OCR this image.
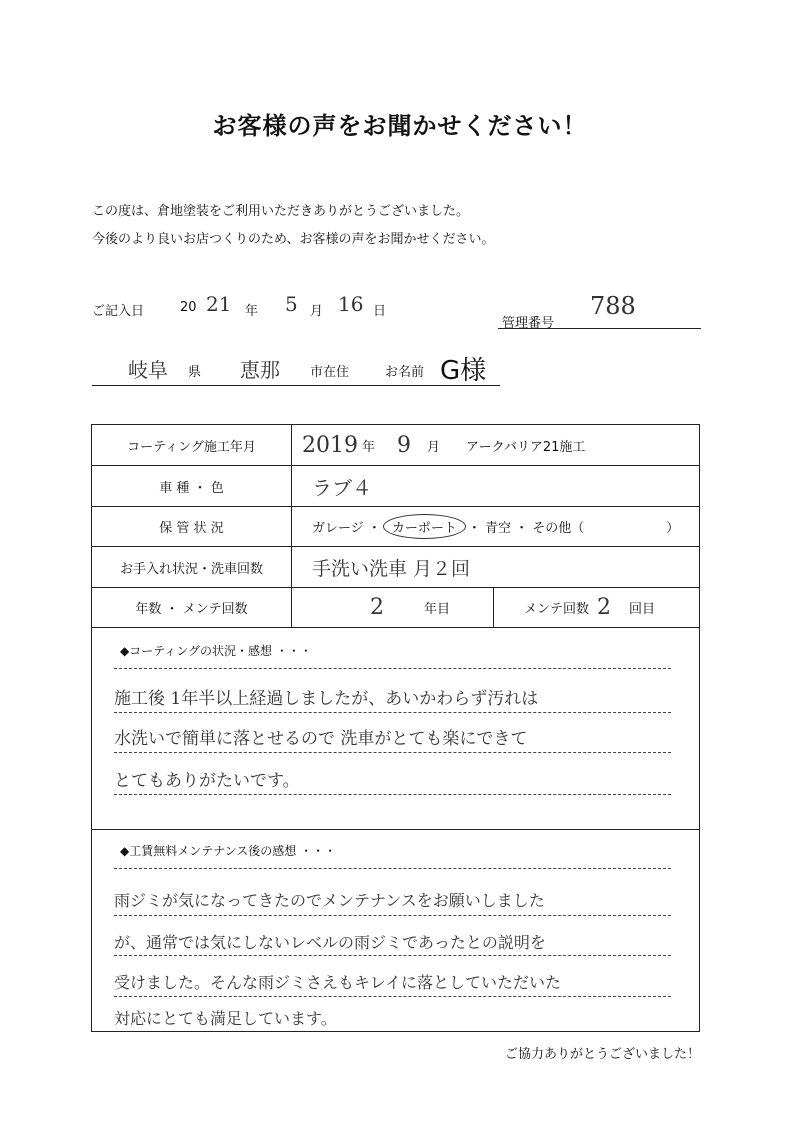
お客様の声をお聞かせください！
この度は、倉地塗装をご利用いただきありがとうございました。
今後のより良いお店つくりのため、お客様の声をお聞かせください。
ご記入日	20 21 年 5 月 16 日
管理番号
788
岐阜 県 恵那 市在住	お名前 G様
コーティング施工年月	2019 年 9 月 アークバリア21施工
車 種 ・ 色	ラブ４
保 管 状 況	ガレージ ・ カーポート ・ 青空 ・ その他（	）
お手入れ状況・洗車回数	手洗い洗車 月２回
年数 ・ メンテ回数	2	年目	メンテ回数 2 回目
◆コーティングの状況・感想 ・・・
施工後 1年半以上経過しましたが、あいかわらず汚れは
水洗いで簡単に落とせるので 洗車がとても楽にできて
とてもありがたいです。
◆工賃無料メンテナンス後の感想 ・・・
雨ジミが気になってきたのでメンテナンスをお願いしました
が、通常では気にしないレベルの雨ジミであったとの説明を
受けました。そんな雨ジミさえもキレイに落としていただいた
対応にとても満足しています。
ご協力ありがとうございました！
